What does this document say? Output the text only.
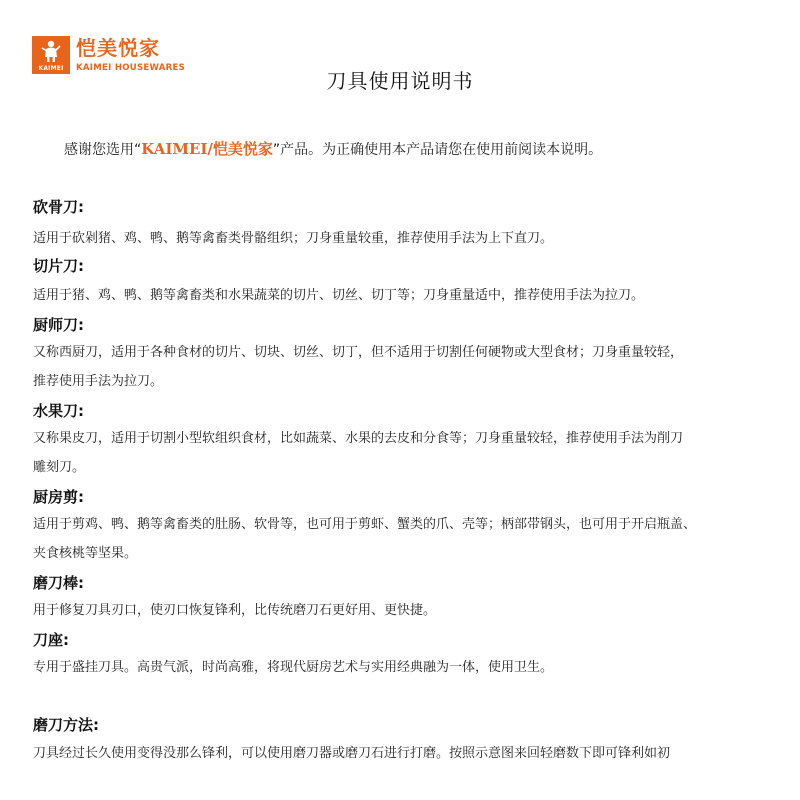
KAIMEI
恺美悦家
KAIMEI HOUSEWARES
刀具使用说明书
感谢您选用“KAIMEI/恺美悦家”产品。为正确使用本产品请您在使用前阅读本说明。
砍骨刀:
适用于砍剁猪、鸡、鸭、鹅等禽畜类骨骼组织；刀身重量较重，推荐使用手法为上下直刀。
切片刀:
适用于猪、鸡、鸭、鹅等禽畜类和水果蔬菜的切片、切丝、切丁等；刀身重量适中，推荐使用手法为拉刀。
厨师刀:
又称西厨刀，适用于各种食材的切片、切块、切丝、切丁，但不适用于切割任何硬物或大型食材；刀身重量较轻，
推荐使用手法为拉刀。
水果刀:
又称果皮刀，适用于切割小型软组织食材，比如蔬菜、水果的去皮和分食等；刀身重量较轻，推荐使用手法为削刀
雕刻刀。
厨房剪:
适用于剪鸡、鸭、鹅等禽畜类的肚肠、软骨等，也可用于剪虾、蟹类的爪、壳等；柄部带钢头，也可用于开启瓶盖、
夹食核桃等坚果。
磨刀棒:
用于修复刀具刃口，使刃口恢复锋利，比传统磨刀石更好用、更快捷。
刀座:
专用于盛挂刀具。高贵气派，时尚高雅，将现代厨房艺术与实用经典融为一体，使用卫生。
磨刀方法:
刀具经过长久使用变得没那么锋利，可以使用磨刀器或磨刀石进行打磨。按照示意图来回轻磨数下即可锋利如初
